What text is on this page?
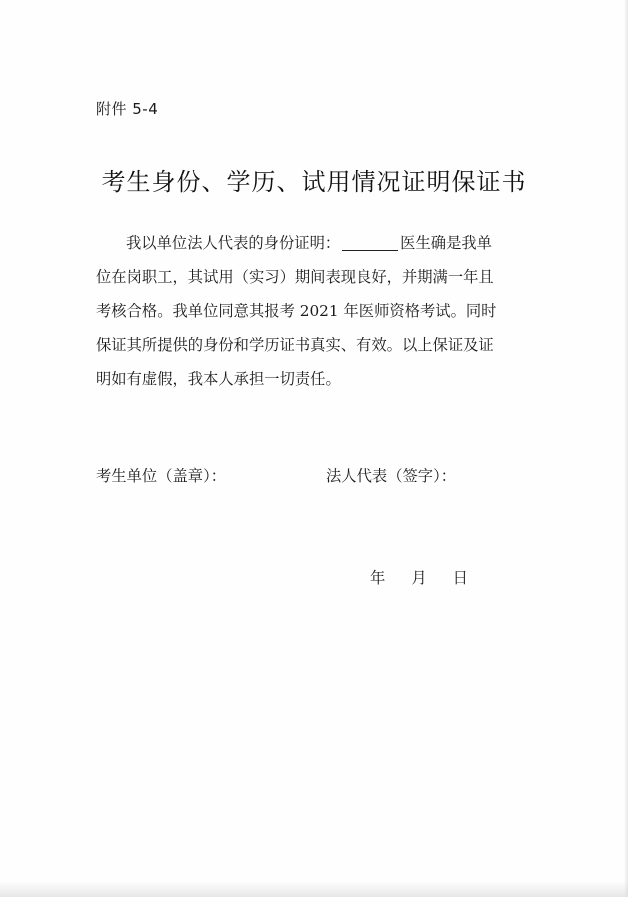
附件 5-4
考生身份、学历、试用情况证明保证书
我以单位法人代表的身份证明：	医生确是我单
位在岗职工，其试用（实习）期间表现良好，并期满一年且
考核合格。我单位同意其报考 2021 年医师资格考试。同时
保证其所提供的身份和学历证书真实、有效。以上保证及证
明如有虚假，我本人承担一切责任。
考生单位（盖章）：	法人代表（签字）：
年 月 日
